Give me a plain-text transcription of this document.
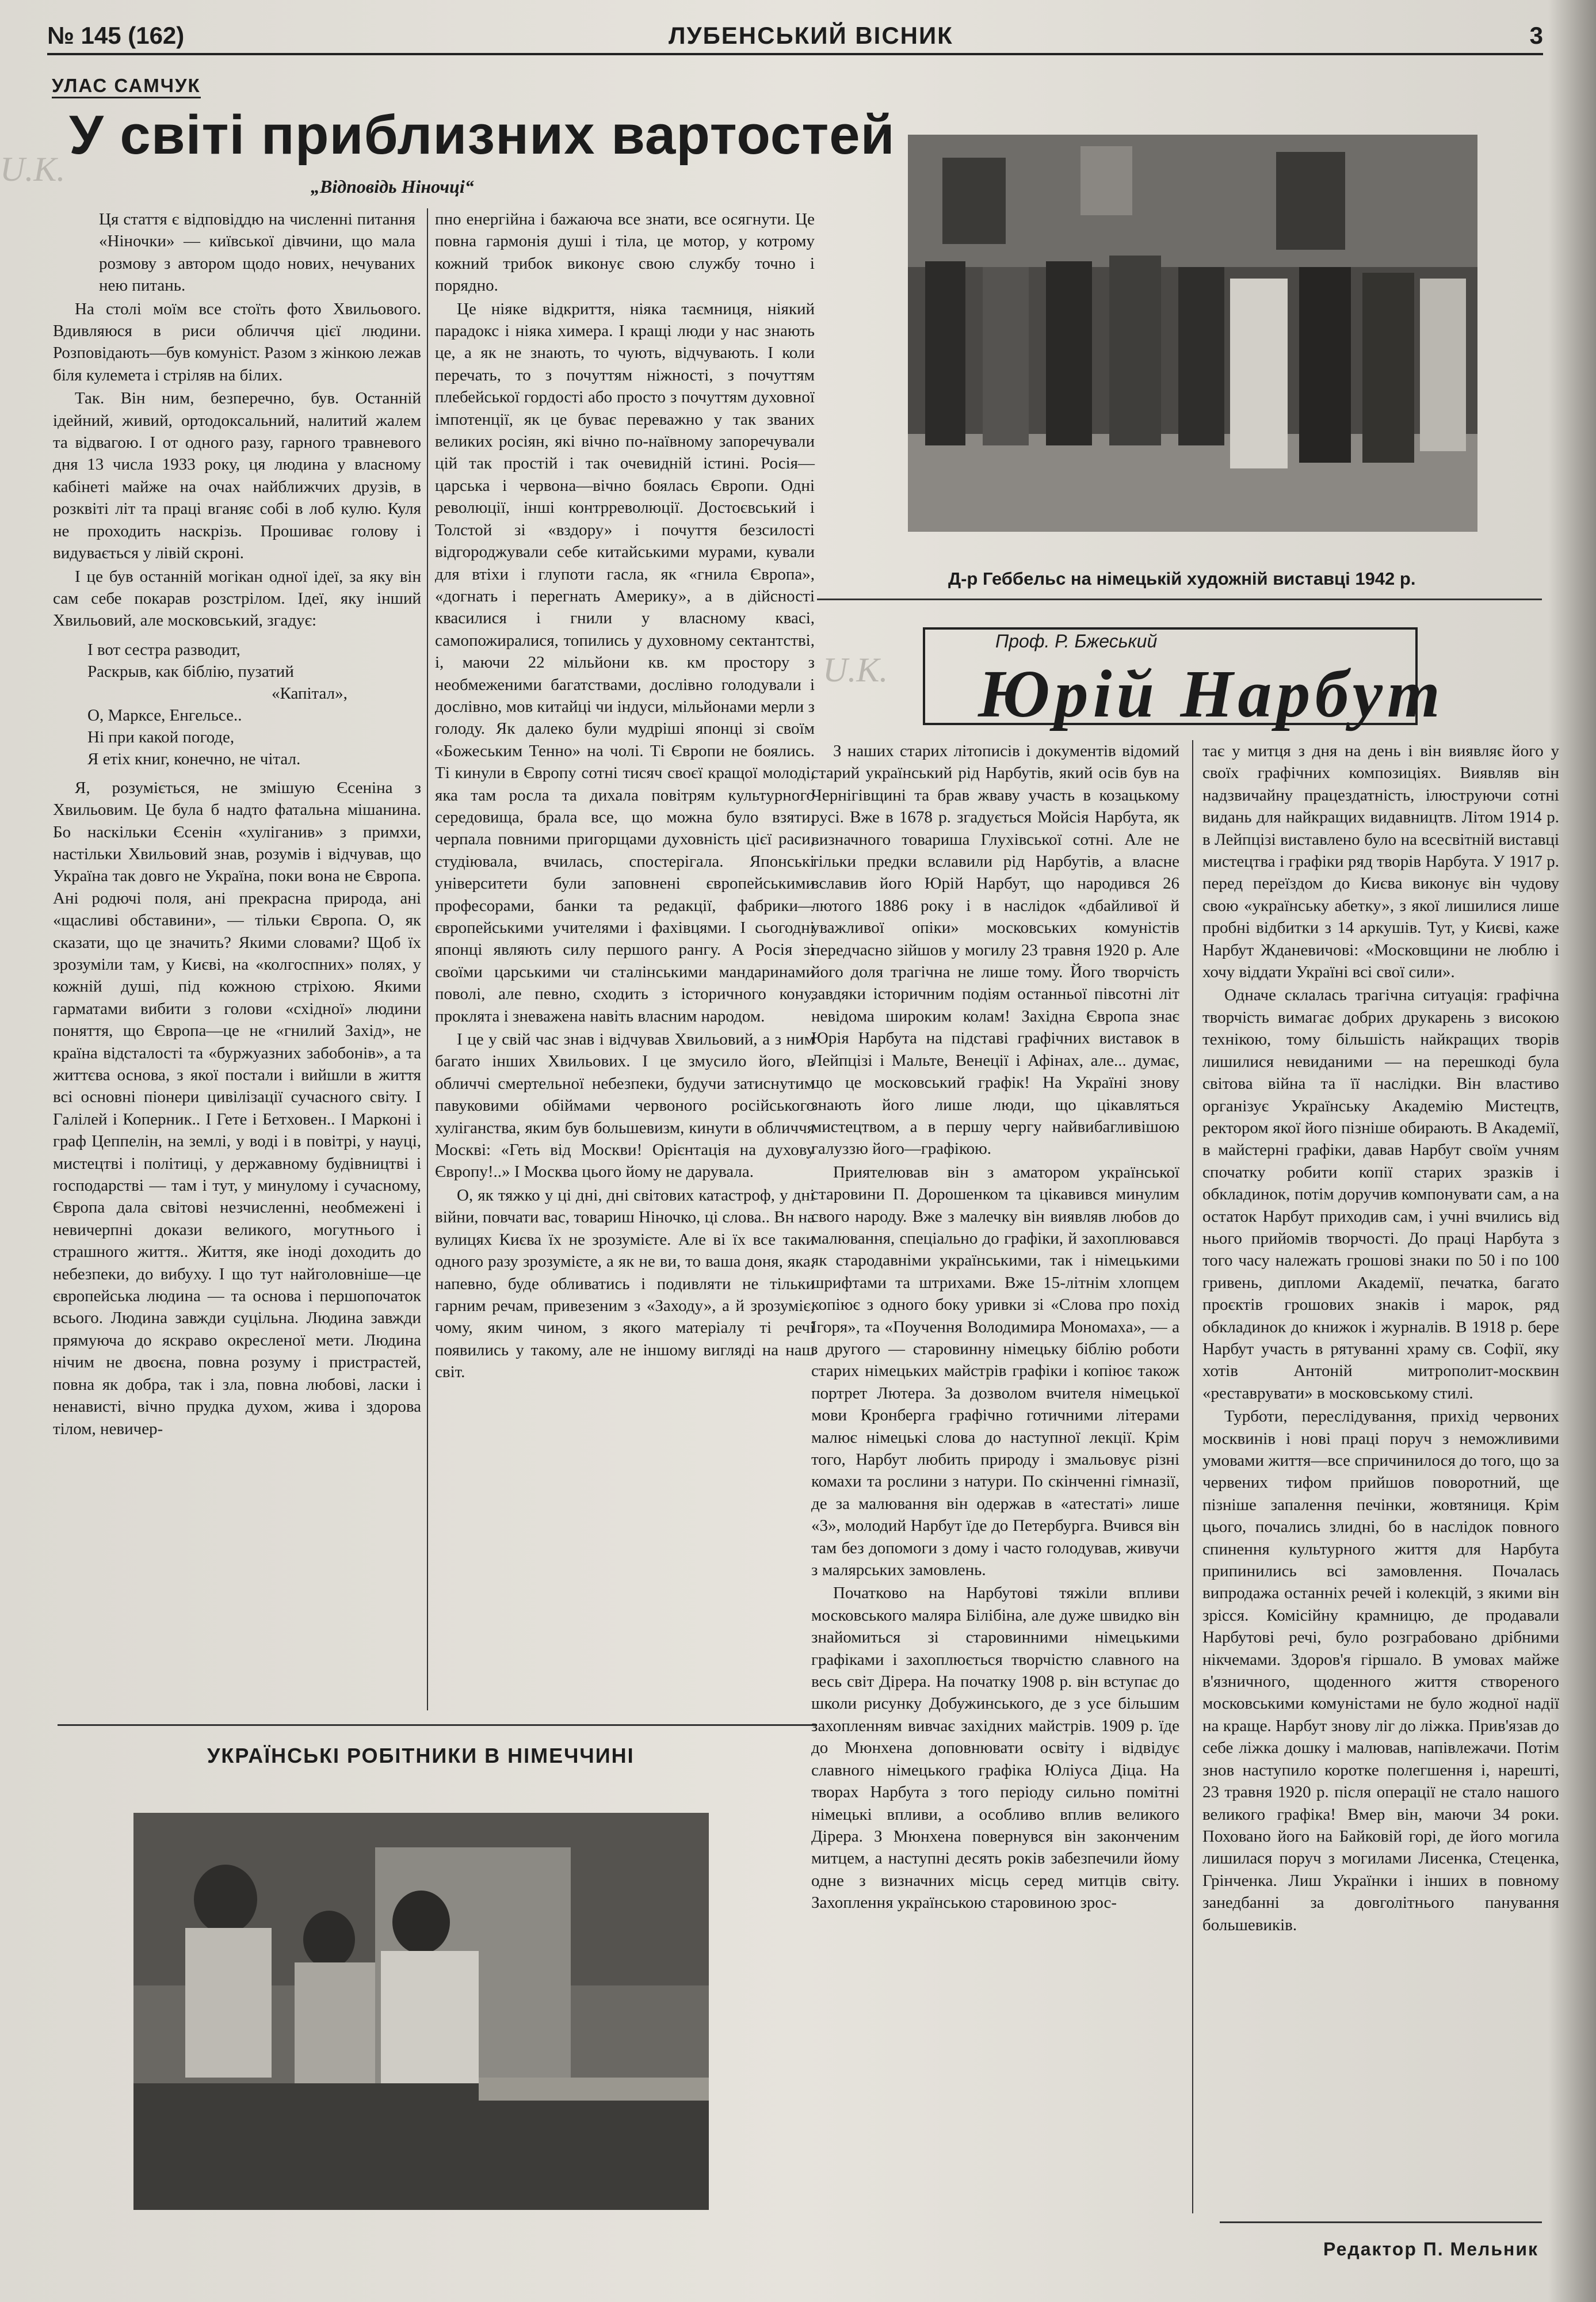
№ 145 (162)	ЛУБЕНСЬКИЙ ВІСНИК	3
U.K.
U.K.
УЛАС САМЧУК
У світі приблизних вартостей
„Відповідь Ніночці“

Ця стаття є відповіддю на численні питання «Ніночки» — київської дівчини, що мала розмову з автором щодо нових, нечуваних нею питань.

На столі моїм все стоїть фото Хвильового. Вдивляюся в риси обличчя цієї людини. Розповідають—був комуніст. Разом з жінкою лежав біля кулемета і стріляв на білих.

Так. Він ним, безперечно, був. Останній ідейний, живий, ортодоксальний, налитий жалем та відвагою. І от одного разу, гарного травневого дня 13 числа 1933 року, ця людина у власному кабінеті майже на очах найближчих друзів, в розквіті літ та праці вганяє собі в лоб кулю. Куля не проходить наскрізь. Прошиває голову і видувається у лівій скроні.

І це був останній могікан одної ідеї, за яку він сам себе покарав розстрілом. Ідеї, яку інший Хвильовий, але московський, згадує:

І вот сестра разводит,
Раскрыв, как біблію, пузатий
«Капітал»,
О, Марксе, Енгельсе..
Ні при какой погоде,
Я етіх книг, конечно, не чітал.

Я, розуміється, не змішую Єсеніна з Хвильовим. Це була б надто фатальна мішанина. Бо наскільки Єсенін «хуліганив» з примхи, настільки Хвильовий знав, розумів і відчував, що Україна так довго не Україна, поки вона не Європа. Ані родючі поля, ані прекрасна природа, ані «щасливі обставини», — тільки Європа. О, як сказати, що це значить? Якими словами? Щоб їх зрозуміли там, у Києві, на «колгоспних» полях, у кожній душі, під кожною стріхою. Якими гарматами вибити з голови «східної» людини поняття, що Європа—це не «гнилий Захід», не країна відсталості та «буржуазних забобонів», а та життєва основа, з якої постали і вийшли в життя всі основні піонери цивілізації сучасного світу. І Галілей і Коперник.. І Гете і Бетховен.. І Марконі і граф Цеппелін, на землі, у воді і в повітрі, у науці, мистецтві і політиці, у державному будівництві і господарстві — там і тут, у минулому і сучасному, Європа дала світові незчисленні, необмежені і невичерпні докази великого, могутнього і страшного життя.. Життя, яке іноді доходить до небезпеки, до вибуху. І що тут найголовніше—це європейська людина — та основа і першопочаток всього. Людина завжди суцільна. Людина завжди прямуюча до яскраво окресленої мети. Людина нічим не двоєна, повна розуму і пристрастей, повна як добра, так і зла, повна любові, ласки і ненависті, вічно прудка духом, жива і здорова тілом, невичер-

пно енергійна і бажаюча все знати, все осягнути. Це повна гармонія душі і тіла, це мотор, у котрому кожний трибок виконує свою службу точно і порядно.

Це ніяке відкриття, ніяка таємниця, ніякий парадокс і ніяка химера. І кращі люди у нас знають це, а як не знають, то чують, відчувають. І коли перечать, то з почуттям ніжності, з почуттям плебейської гордості або просто з почуттям духовної імпотенції, як це буває переважно у так званих великих росіян, які вічно по-наївному запоречували цій так простій і так очевидній істині. Росія—царська і червона—вічно боялась Європи. Одні революції, інші контрреволюції. Достоєвський і Толстой зі «вздору» і почуття безсилості відгороджували себе китайськими мурами, кували для втіхи і глупоти гасла, як «гнила Європа», «догнать і перегнать Америку», а в дійсності квасилися і гнили у власному квасі, самопожиралися, топились у духовному сектантстві, і, маючи 22 мільйони кв. км простору з необмеженими багатствами, дослівно голодували і дослівно, мов китайці чи індуси, мільйонами мерли з голоду. Як далеко були мудріші японці зі своїм «Божеським Тенно» на чолі. Ті Європи не боялись. Ті кинули в Європу сотні тисяч своєї кращої молоді, яка там росла та дихала повітрям культурного середовища, брала все, що можна було взяти, черпала повними пригорщами духовність цієї раси, студіювала, вчилась, спостерігала. Японські університети були заповнені європейськими професорами, банки та редакції, фабрики—європейськими учителями і фахівцями. І сьогодні японці являють силу першого рангу. А Росія зі своїми царськими чи сталінськими мандаринами поволі, але певно, сходить з історичного кону, проклята і зневажена навіть власним народом.

І це у свій час знав і відчував Хвильовий, а з ним багато інших Хвильових. І це змусило його, в обличчі смертельної небезпеки, будучи затиснутим павуковими обіймами червоного російського хуліганства, яким був большевизм, кинути в обличчя Москві: «Геть від Москви! Орієнтація на духову Європу!..» І Москва цього йому не дарувала.

О, як тяжко у ці дні, дні світових катастроф, у дні війни, повчати вас, товариш Ніночко, ці слова.. Вн на вулицях Києва їх не зрозумієте. Але ві їх все таки одного разу зрозумієте, а як не ви, то ваша доня, яка, напевно, буде обливатись і подивляти не тільки гарним речам, привезеним з «Заходу», а й зрозуміє, чому, яким чином, з якого матеріалу ті речі появились у такому, але не іншому вигляді на наш світ.

УКРАЇНСЬКІ РОБІТНИКИ В НІМЕЧЧИНІ
Д-р Геббельс на німецькій художній виставці 1942 р.
Проф. Р. Бжеський
Юрій Нарбут

З наших старих літописів і документів відомий старий український рід Нарбутів, який осів був на Чернігівщині та брав жваву участь в козацькому русі. Вже в 1678 р. згадується Мойсія Нарбута, як визначного товариша Глухівської сотні. Але не тільки предки вславили рід Нарбутів, а власне вславив його Юрій Нарбут, що народився 26 лютого 1886 року і в наслідок «дбайливої й уважливої опіки» московських комуністів передчасно зійшов у могилу 23 травня 1920 р. Але його доля трагічна не лише тому. Його творчість завдяки історичним подіям останньої півсотні літ невідома широким колам! Західна Європа знає Юрія Нарбута на підставі графічних виставок в Лейпцізі і Мальте, Венеції і Афінах, але... думає, що це московський графік! На Україні знову знають його лише люди, що цікавляться мистецтвом, а в першу чергу найвибагливішою галуззю його—графікою.

Приятелював він з аматором української старовини П. Дорошенком та цікавився минулим свого народу. Вже з малечку він виявляв любов до малювання, спеціально до графіки, й захоплювався як стародавніми українськими, так і німецькими шрифтами та штрихами. Вже 15-літнім хлопцем копіює з одного боку уривки зі «Слова про похід Ігоря», та «Поучення Володимира Мономаха», — а з другого — старовинну німецьку біблію роботи старих німецьких майстрів графіки і копіює також портрет Лютера. За дозволом вчителя німецької мови Кронберга графічно готичними літерами малює німецькі слова до наступної лекції. Крім того, Нарбут любить природу і змальовує різні комахи та рослини з натури. По скінченні гімназії, де за малювання він одержав в «атестаті» лише «3», молодий Нарбут їде до Петербурга. Вчився він там без допомоги з дому і часто голодував, живучи з малярських замовлень.

Початково на Нарбутові тяжіли впливи московського маляра Білібіна, але дуже швидко він знайомиться зі старовинними німецькими графіками і захоплюється творчістю славного на весь світ Дірера. На початку 1908 р. він вступає до школи рисунку Добужинського, де з усе більшим захопленням вивчає західних майстрів. 1909 р. їде до Мюнхена доповнювати освіту і відвідує славного німецького графіка Юліуса Діца. На творах Нарбута з того періоду сильно помітні німецькі впливи, а особливо вплив великого Дірера. З Мюнхена повернувся він законченим митцем, а наступні десять років забезпечили йому одне з визначних місць серед митців світу. Захоплення українською старовиною зрос-

тає у митця з дня на день і він виявляє його у своїх графічних композиціях. Виявляв він надзвичайну працездатність, ілюструючи сотні видань для найкращих видавництв. Літом 1914 р. в Лейпцізі виставлено було на всесвітній виставці мистецтва і графіки ряд творів Нарбута. У 1917 р. перед переїздом до Києва виконує він чудову свою «українську абетку», з якої лишилися лише пробні відбитки з 14 аркушів. Тут, у Києві, каже Нарбут Жданевичові: «Московщини не люблю і хочу віддати Україні всі свої сили».

Одначе склалась трагічна ситуація: графічна творчість вимагає добрих друкарень з високою технікою, тому більшість найкращих творів лишилися невиданими — на перешкоді була світова війна та її наслідки. Він властиво організує Українську Академію Мистецтв, ректором якої його пізніше обирають. В Академії, в майстерні графіки, давав Нарбут своїм учням спочатку робити копії старих зразків і обкладинок, потім доручив компонувати сам, а на остаток Нарбут приходив сам, і учні вчились від нього прийомів творчості. До праці Нарбута з того часу належать грошові знаки по 50 і по 100 гривень, дипломи Академії, печатка, багато проєктів грошових знаків і марок, ряд обкладинок до книжок і журналів. В 1918 р. бере Нарбут участь в рятуванні храму св. Софії, яку хотів Антоній митрополит-москвин «реставрувати» в московському стилі.

Турботи, переслідування, прихід червоних москвинів і нові праці поруч з неможливими умовами життя—все спричинилося до того, що за червених тифом прийшов поворотний, ще пізніше запалення печінки, жовтяниця. Крім цього, почались злидні, бо в наслідок повного спинення культурного життя для Нарбута припинились всі замовлення. Почалась випродажа останніх речей і колекцій, з якими він зрісся. Комісійну крамницю, де продавали Нарбутові речі, було розграбовано дрібними нікчемами. Здоров'я гіршало. В умовах майже в'язничного, щоденного життя створеного московськими комуністами не було жодної надії на краще. Нарбут знову ліг до ліжка. Прив'язав до себе ліжка дошку і малював, напівлежачи. Потім знов наступило коротке полегшення і, нарешті, 23 травня 1920 р. після операції не стало нашого великого графіка! Вмер він, маючи 34 роки. Поховано його на Байковій горі, де його могила лишилася поруч з могилами Лисенка, Стеценка, Грінченка. Лиш Українки і інших в повному занедбанні за довголітнього панування большевиків.

Редактор П. Мельник
